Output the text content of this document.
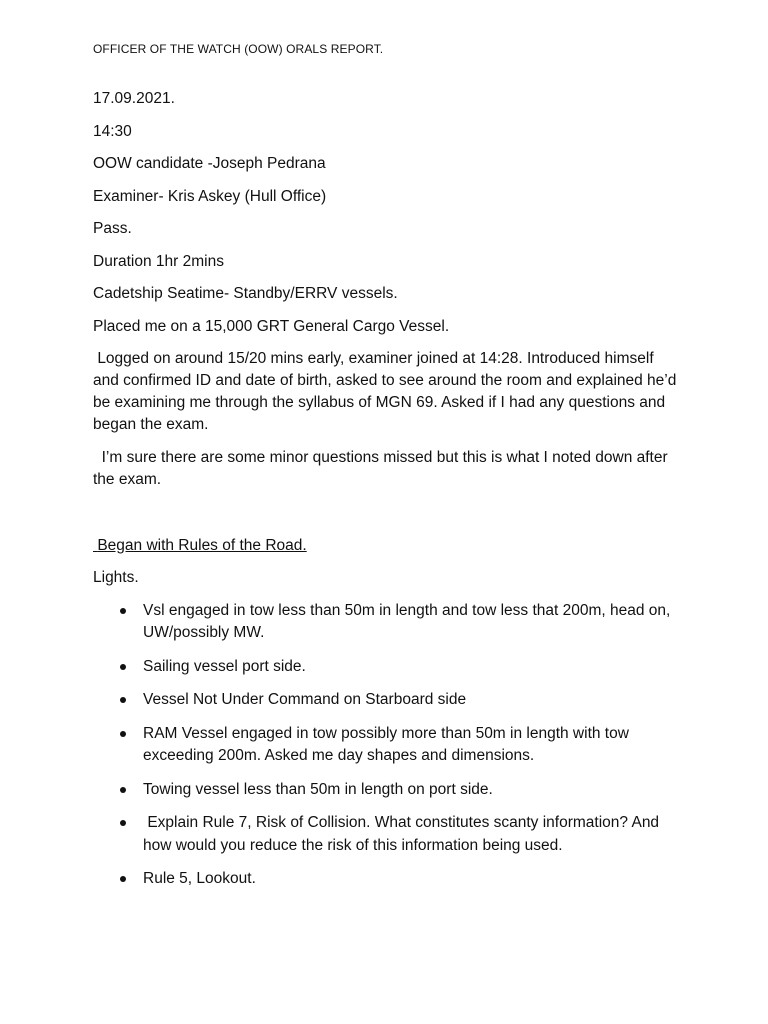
OFFICER OF THE WATCH (OOW) ORALS REPORT.

17.09.2021.

14:30

OOW candidate -Joseph Pedrana

Examiner- Kris Askey (Hull Office)

Pass.

Duration 1hr 2mins

Cadetship Seatime- Standby/ERRV vessels.

Placed me on a 15,000 GRT General Cargo Vessel.

Logged on around 15/20 mins early, examiner joined at 14:28. Introduced himself and confirmed ID and date of birth, asked to see around the room and explained he’d be examining me through the syllabus of MGN 69. Asked if I had any questions and began the exam.

I’m sure there are some minor questions missed but this is what I noted down after the exam.

Began with Rules of the Road.

Lights.

Vsl engaged in tow less than 50m in length and tow less that 200m, head on, UW/possibly MW.
Sailing vessel port side.
Vessel Not Under Command on Starboard side
RAM Vessel engaged in tow possibly more than 50m in length with tow exceeding 200m. Asked me day shapes and dimensions.
Towing vessel less than 50m in length on port side.
Explain Rule 7, Risk of Collision. What constitutes scanty information? And how would you reduce the risk of this information being used.
Rule 5, Lookout.
